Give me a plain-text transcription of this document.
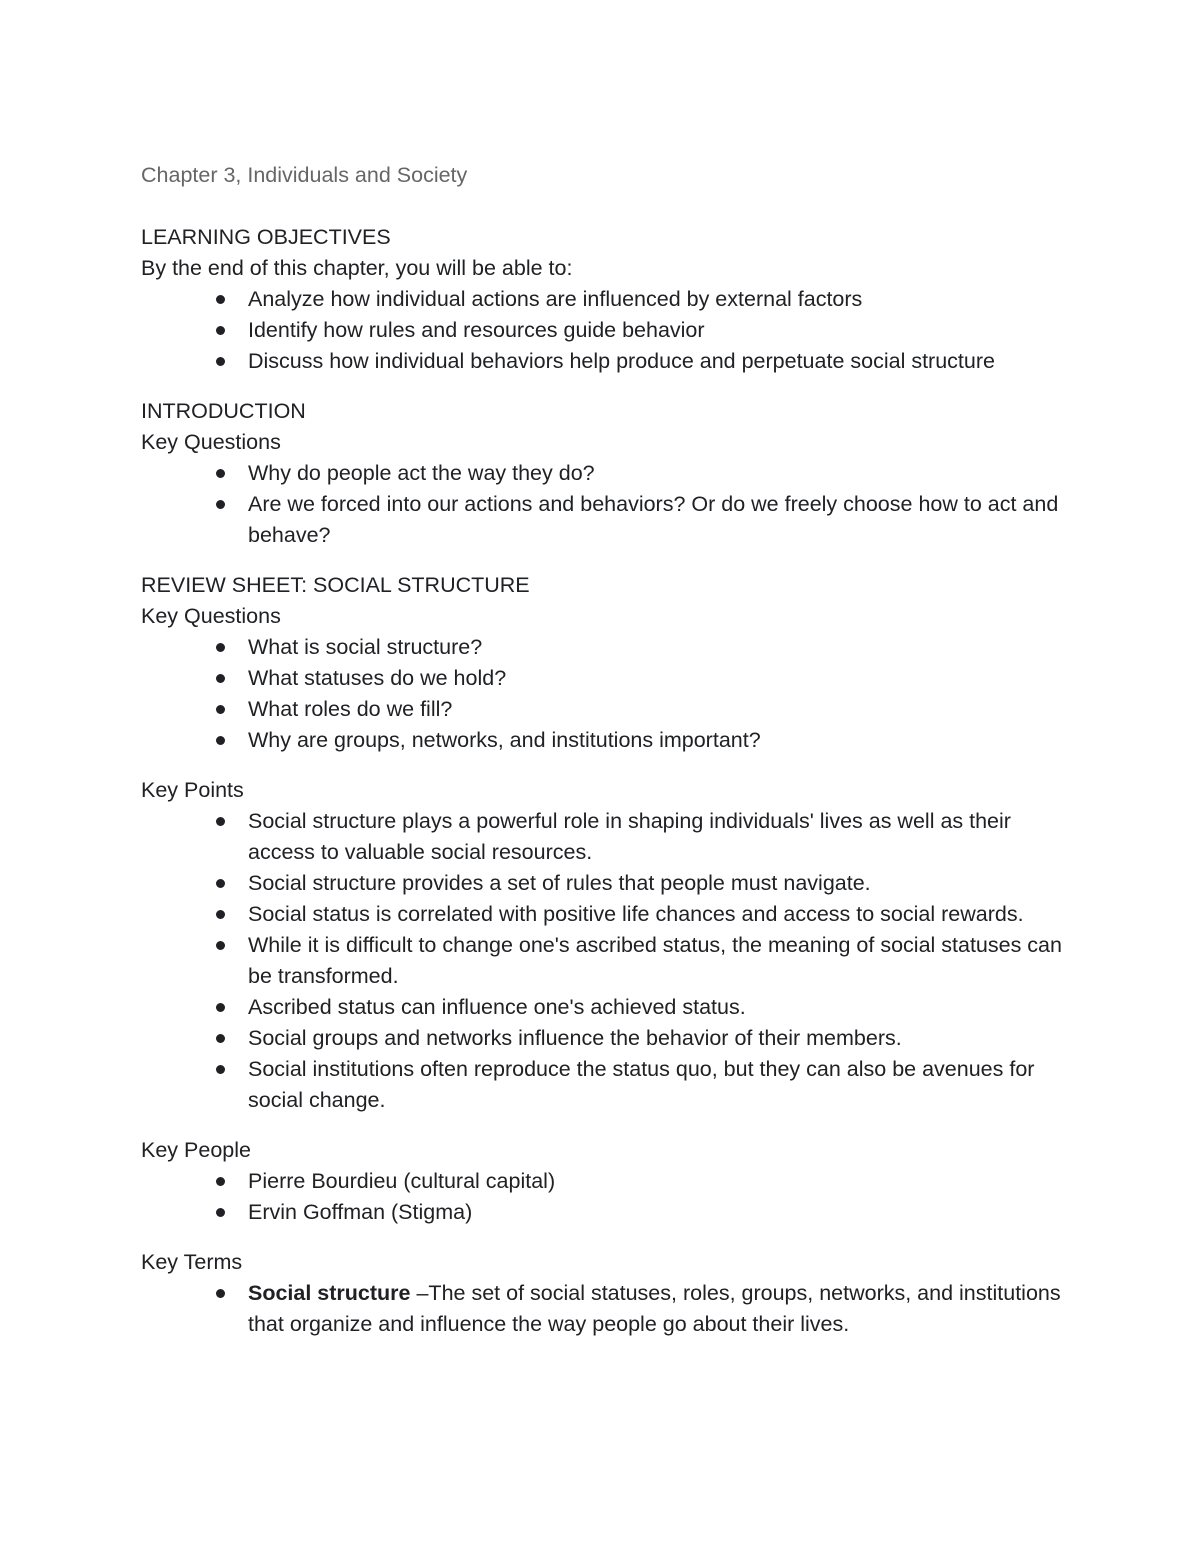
Chapter 3, Individuals and Society

LEARNING OBJECTIVES

By the end of this chapter, you will be able to:

Analyze how individual actions are influenced by external factors
Identify how rules and resources guide behavior
Discuss how individual behaviors help produce and perpetuate social structure

INTRODUCTION

Key Questions

Why do people act the way they do?
Are we forced into our actions and behaviors? Or do we freely choose how to act and behave?

REVIEW SHEET: SOCIAL STRUCTURE

Key Questions

What is social structure?
What statuses do we hold?
What roles do we fill?
Why are groups, networks, and institutions important?

Key Points

Social structure plays a powerful role in shaping individuals' lives as well as their access to valuable social resources.
Social structure provides a set of rules that people must navigate.
Social status is correlated with positive life chances and access to social rewards.
While it is difficult to change one's ascribed status, the meaning of social statuses can be transformed.
Ascribed status can influence one's achieved status.
Social groups and networks influence the behavior of their members.
Social institutions often reproduce the status quo, but they can also be avenues for social change.

Key People

Pierre Bourdieu (cultural capital)
Ervin Goffman (Stigma)

Key Terms

Social structure –The set of social statuses, roles, groups, networks, and institutions that organize and influence the way people go about their lives.
